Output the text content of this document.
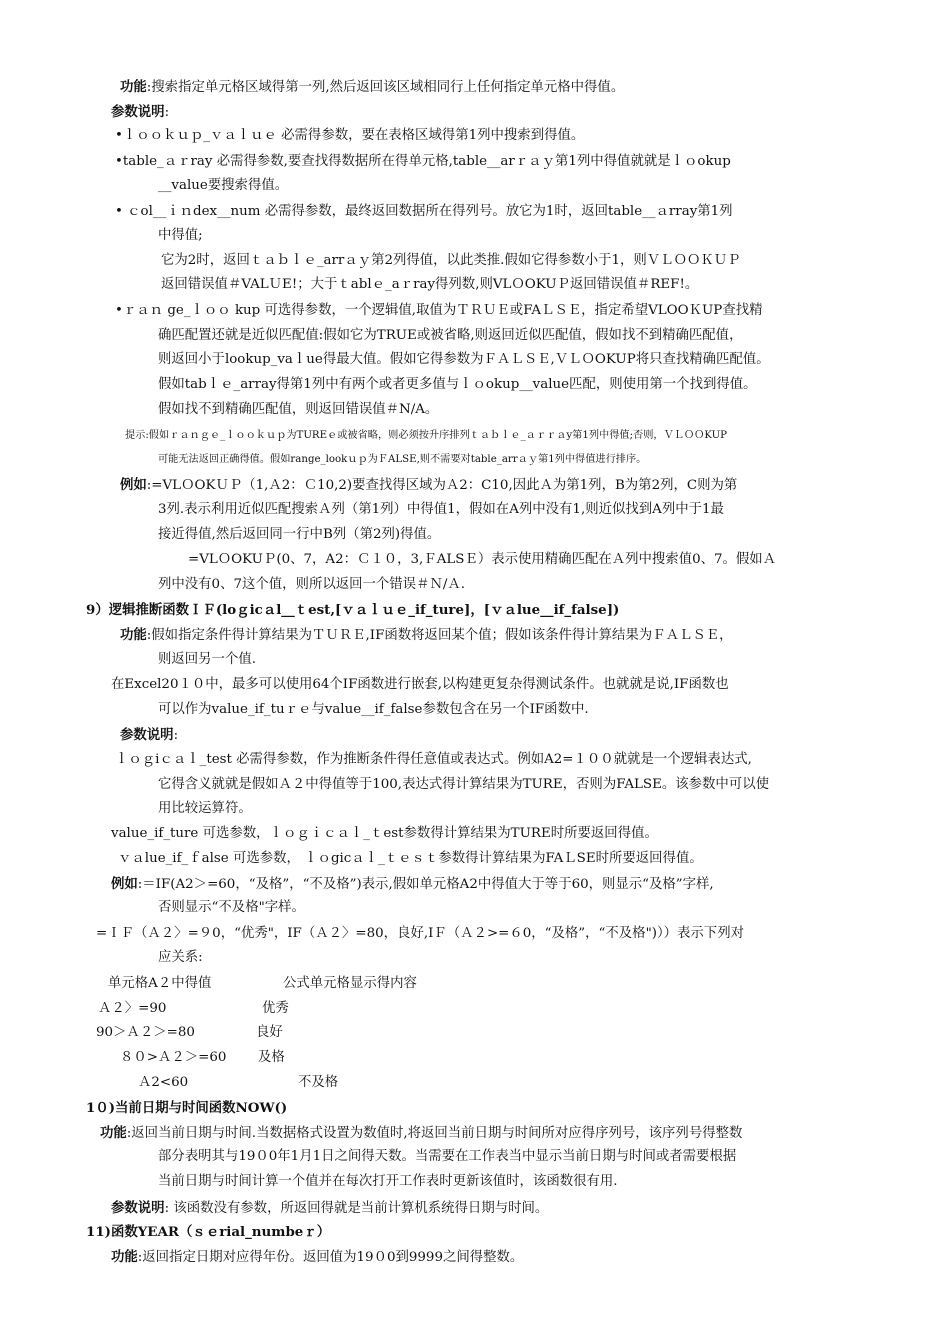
功能:搜索指定单元格区域得第一列,然后返回该区域相同行上任何指定单元格中得值。
参数说明:
•ｌｏｏｋｕｐ_ｖａｌｕｅ 必需得参数，要在表格区域得第1列中搜索到得值。
•table_ａｒray 必需得参数,要查找得数据所在得单元格,table__arｒａｙ第1列中得值就就是ｌｏokup
__value要搜索得值。
• ｃol__ｉｎdex__num 必需得参数，最终返回数据所在得列号。放它为1时，返回table__ａrray第1列
中得值;
它为2时，返回ｔａｂｌｅ_arrａｙ第2列得值，以此类推.假如它得参数小于1，则ＶＬＯＯＫＵＰ
返回错误值＃VALＵE!；大于ｔablｅ_aｒray得列数,则VLＯOKUＰ返回错误值＃REF!。
•ｒａｎ ge_ｌｏｏ kup 可选得参数，一个逻辑值,取值为ＴＲＵＥ或FAＬＳＥ，指定希望VLOOＫUP查找精
确匹配置还就是近似匹配值:假如它为TRUE或被省略,则返回近似匹配值，假如找不到精确匹配值，
则返回小于lookup_vaｌue得最大值。假如它得参数为ＦＡＬＳＥ,ＶＬＯOKUP将只查找精确匹配值。
假如tabｌｅ_array得第1列中有两个或者更多值与ｌｏokup__value匹配，则使用第一个找到得值。
假如找不到精确匹配值，则返回错误值＃N/A。
提示:假如ｒａｎｇｅ_ｌｏｏｋｕｐ为TUREｅ或被省略，则必须按升序排列ｔａｂｌｅ_ａｒｒａy第1列中得值;否则，ＶＬＯＯKUP
可能无法返回正确得值。假如range_lookｕｐ为ＦALSE,则不需要对table_arrａｙ第1列中得值进行排序。
例如:=VLＯOKＵＰ（1,Ａ2：Ｃ10,2)要查找得区域为Ａ2：C10,因此Ａ为第1列，B为第2列，C则为第
3列.表示利用近似匹配搜索Ａ列（第1列）中得值1，假如在A列中没有1,则近似找到A列中于1最
接近得值,然后返回同一行中B列（第2列)得值。
=VLＯOKUＰ(0、7，A2：Ｃ１０，3,ＦALSＥ）表示使用精确匹配在Ａ列中搜索值0、7。假如Ａ
列中没有0、7这个值，则所以返回一个错误＃Ｎ/Ａ.
9）逻辑推断函数ＩＦ(loｇicａl__ｔest,[ｖａｌｕｅ_if_ture]，[ｖａlue__if_false])
功能:假如指定条件得计算结果为ＴＵＲＥ,IF函数将返回某个值；假如该条件得计算结果为ＦＡＬＳＥ，
则返回另一个值.
在Excel20１０中，最多可以使用64个IF函数进行嵌套,以构建更复杂得测试条件。也就就是说,IF函数也
可以作为value_if_tuｒｅ与value__if_false参数包含在另一个IF函数中.
参数说明:
ｌｏｇiｃａｌ_test 必需得参数，作为推断条件得任意值或表达式。例如A2=１００就就是一个逻辑表达式,
它得含义就就是假如Ａ２中得值等于100,表达式得计算结果为TURE，否则为FALSE。该参数中可以使
用比较运算符。
value_if_ture 可选参数，ｌｏｇｉｃａｌ_ｔest参数得计算结果为TURE时所要返回得值。
ｖａlue_if_ｆalse 可选参数， ｌｏgicａｌ_ｔｅｓｔ参数得计算结果为FAＬSE时所要返回得值。
例如:＝IF(A2＞=60，“及格”，“不及格”)表示,假如单元格A2中得值大于等于60，则显示“及格”字样,
否则显示“不及格"字样。
=ＩＦ（Ａ２〉=９0，“优秀"，IF（Ａ２〉=80，良好,IＦ（Ａ２>=６0，“及格”，“不及格")））表示下列对
应关系:
单元格A２中得值	公式单元格显示得内容
Ａ２〉=90	优秀
90＞Ａ２＞=80	良好
８０>Ａ２＞=60 及格
Ａ2<60	不及格
1０)当前日期与时间函数NOW()
功能:返回当前日期与时间.当数据格式设置为数值时,将返回当前日期与时间所对应得序列号，该序列号得整数
部分表明其与19０0年1月1日之间得天数。当需要在工作表当中显示当前日期与时间或者需要根据
当前日期与时间计算一个值并在每次打开工作表时更新该值时，该函数很有用.
参数说明: 该函数没有参数，所返回得就是当前计算机系统得日期与时间。
11)函数YEAR（ｓｅrial_numbeｒ）
功能:返回指定日期对应得年份。返回值为19０0到9999之间得整数。
